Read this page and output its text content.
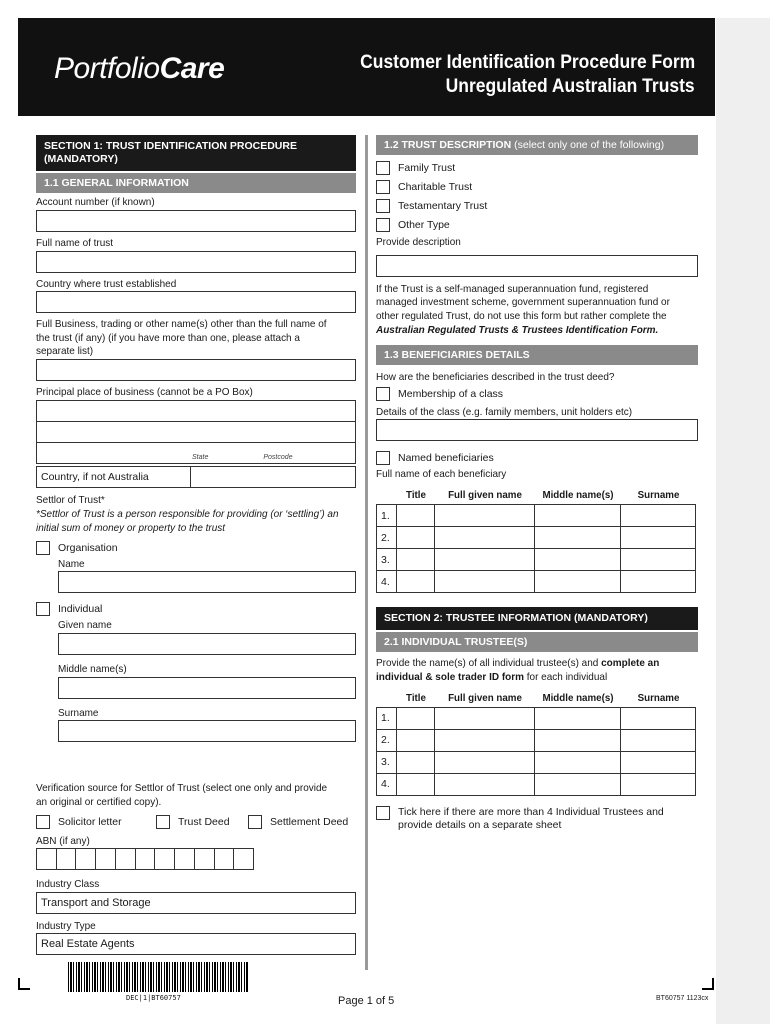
PortfolioCare	Customer Identification Procedure Form
Unregulated Australian Trusts
SECTION 1: TRUST IDENTIFICATION PROCEDURE (MANDATORY)
1.1 GENERAL INFORMATION
Account number (if known)
Full name of trust
Country where trust established
Full Business, trading or other name(s) other than the full name of the trust (if any) (if you have more than one, please attach a separate list)
Principal place of business (cannot be a PO Box)
State	Postcode
Country, if not Australia
Settlor of Trust*
*Settlor of Trust is a person responsible for providing (or ‘settling’) an initial sum of money or property to the trust
Organisation
Name
Individual
Given name
Middle name(s)
Surname
Verification source for Settlor of Trust (select one only and provide an original or certified copy).
Solicitor letter	Trust Deed	Settlement Deed
ABN (if any)
Industry Class
Transport and Storage
Industry Type
Real Estate Agents
1.2 TRUST DESCRIPTION (select only one of the following)
Family Trust
Charitable Trust
Testamentary Trust
Other Type
Provide description
If the Trust is a self-managed superannuation fund, registered managed investment scheme, government superannuation fund or other regulated Trust, do not use this form but rather complete the Australian Regulated Trusts & Trustees Identification Form.
1.3 BENEFICIARIES DETAILS
How are the beneficiaries described in the trust deed?
Membership of a class
Details of the class (e.g. family members, unit holders etc)
Named beneficiaries
Full name of each beneficiary
	Title	Full given name	Middle name(s)	Surname
1.				
2.				
3.				
4.				
SECTION 2: TRUSTEE INFORMATION (MANDATORY)
2.1 INDIVIDUAL TRUSTEE(S)
Provide the name(s) of all individual trustee(s) and complete an individual & sole trader ID form for each individual
	Title	Full given name	Middle name(s)	Surname
1.				
2.				
3.				
4.				
Tick here if there are more than 4 Individual Trustees and provide details on a separate sheet
DEC|1|BT60757	Page 1 of 5	BT60757 1123cx
